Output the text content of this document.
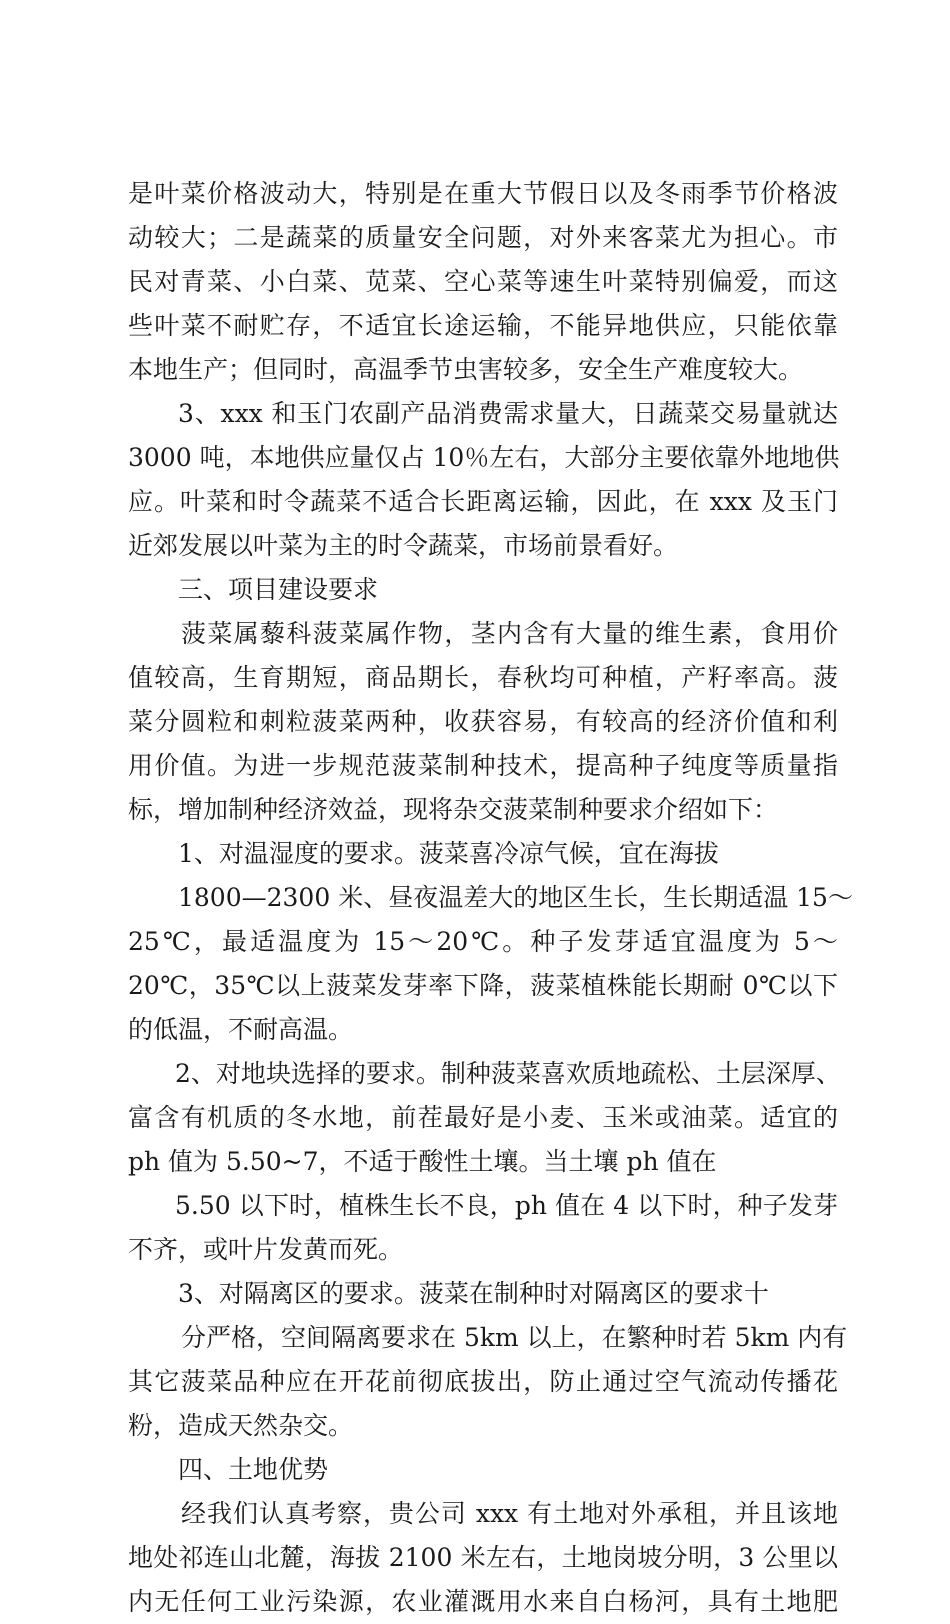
是叶菜价格波动大，特别是在重大节假日以及冬雨季节价格波
动较大；二是蔬菜的质量安全问题，对外来客菜尤为担心。市
民对青菜、小白菜、苋菜、空心菜等速生叶菜特别偏爱，而这
些叶菜不耐贮存，不适宜长途运输，不能异地供应，只能依靠
本地生产；但同时，高温季节虫害较多，安全生产难度较大。
3、xxx 和玉门农副产品消费需求量大，日蔬菜交易量就达
3000 吨，本地供应量仅占 10％左右，大部分主要依靠外地地供
应。叶菜和时令蔬菜不适合长距离运输，因此，在 xxx 及玉门
近郊发展以叶菜为主的时令蔬菜，市场前景看好。
三、项目建设要求
菠菜属藜科菠菜属作物，茎内含有大量的维生素，食用价
值较高，生育期短，商品期长，春秋均可种植，产籽率高。菠
菜分圆粒和刺粒菠菜两种，收获容易，有较高的经济价值和利
用价值。为进一步规范菠菜制种技术，提高种子纯度等质量指
标，增加制种经济效益，现将杂交菠菜制种要求介绍如下：
1、对温湿度的要求。菠菜喜冷凉气候，宜在海拔
1800—2300 米、昼夜温差大的地区生长，生长期适温 15～
25℃，最适温度为 15～20℃。种子发芽适宜温度为 5～
20℃，35℃以上菠菜发芽率下降，菠菜植株能长期耐 0℃以下
的低温，不耐高温。
2、对地块选择的要求。制种菠菜喜欢质地疏松、土层深厚、
富含有机质的冬水地，前茬最好是小麦、玉米或油菜。适宜的
ph 值为 5.50~7，不适于酸性土壤。当土壤 ph 值在
5.50 以下时，植株生长不良，ph 值在 4 以下时，种子发芽
不齐，或叶片发黄而死。
3、对隔离区的要求。菠菜在制种时对隔离区的要求十
分严格，空间隔离要求在 5km 以上，在繁种时若 5km 内有
其它菠菜品种应在开花前彻底拔出，防止通过空气流动传播花
粉，造成天然杂交。
四、土地优势
经我们认真考察，贵公司 xxx 有土地对外承租，并且该地
地处祁连山北麓，海拔 2100 米左右，土地岗坡分明，3 公里以
内无任何工业污染源，农业灌溉用水来自白杨河，具有土地肥
